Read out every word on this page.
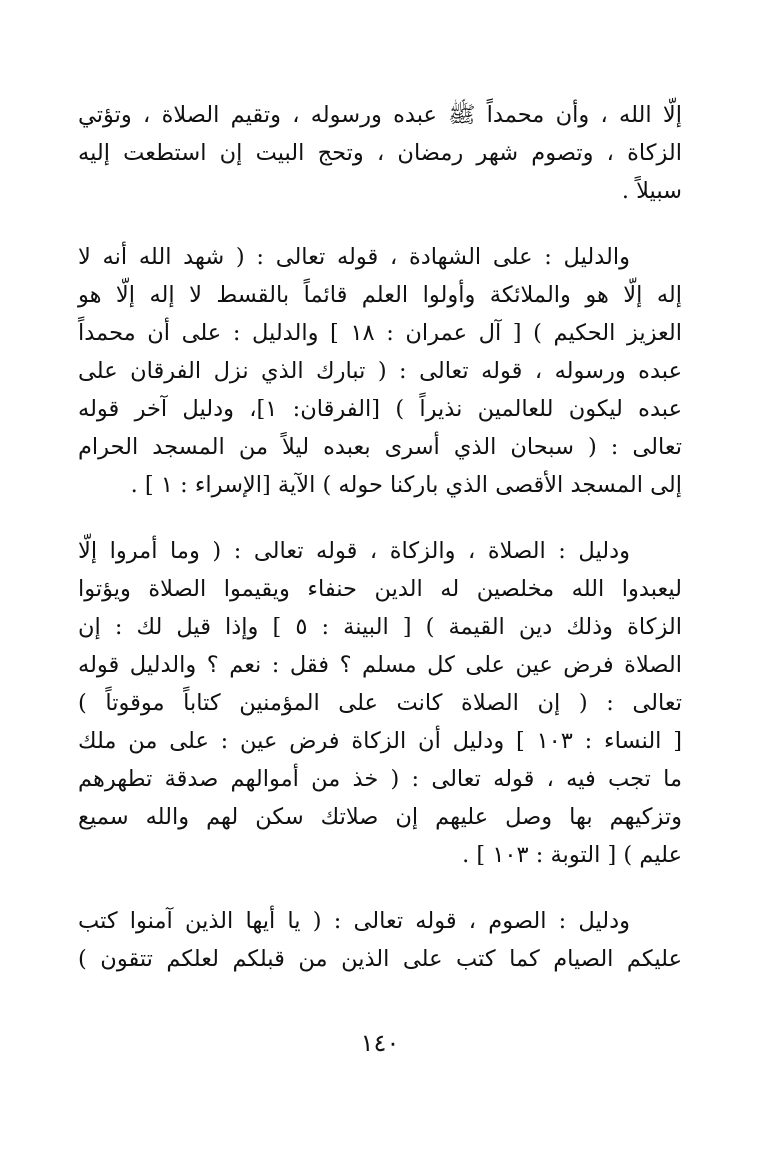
إلّا الله ، وأن محمداً ﷺ عبده ورسوله ، وتقيم الصلاة ، وتؤتي
الزكاة ، وتصوم شهر رمضان ، وتحج البيت إن استطعت إليه
سبيلاً .
والدليل : على الشهادة ، قوله تعالى : ( شهد الله أنه لا
إله إلّا هو والملائكة وأولوا العلم قائماً بالقسط لا إله إلّا هو
العزيز الحكيم ) [ آل عمران : ١٨ ] والدليل : على أن محمداً
عبده ورسوله ، قوله تعالى : ( تبارك الذي نزل الفرقان على
عبده ليكون للعالمين نذيراً ) [الفرقان: ١]، ودليل آخر قوله
تعالى : ( سبحان الذي أسرى بعبده ليلاً من المسجد الحرام
إلى المسجد الأقصى الذي باركنا حوله ) الآية [الإسراء : ١ ] .
ودليل : الصلاة ، والزكاة ، قوله تعالى : ( وما أمروا إلّا
ليعبدوا الله مخلصين له الدين حنفاء ويقيموا الصلاة ويؤتوا
الزكاة وذلك دين القيمة ) [ البينة : ٥ ] وإذا قيل لك : إن
الصلاة فرض عين على كل مسلم ؟ فقل : نعم ؟ والدليل قوله
تعالى : ( إن الصلاة كانت على المؤمنين كتاباً موقوتاً )
[ النساء : ١٠٣ ] ودليل أن الزكاة فرض عين : على من ملك
ما تجب فيه ، قوله تعالى : ( خذ من أموالهم صدقة تطهرهم
وتزكيهم بها وصل عليهم إن صلاتك سكن لهم والله سميع
عليم ) [ التوبة : ١٠٣ ] .
ودليل : الصوم ، قوله تعالى : ( يا أيها الذين آمنوا كتب
عليكم الصيام كما كتب على الذين من قبلكم لعلكم تتقون )
١٤٠
